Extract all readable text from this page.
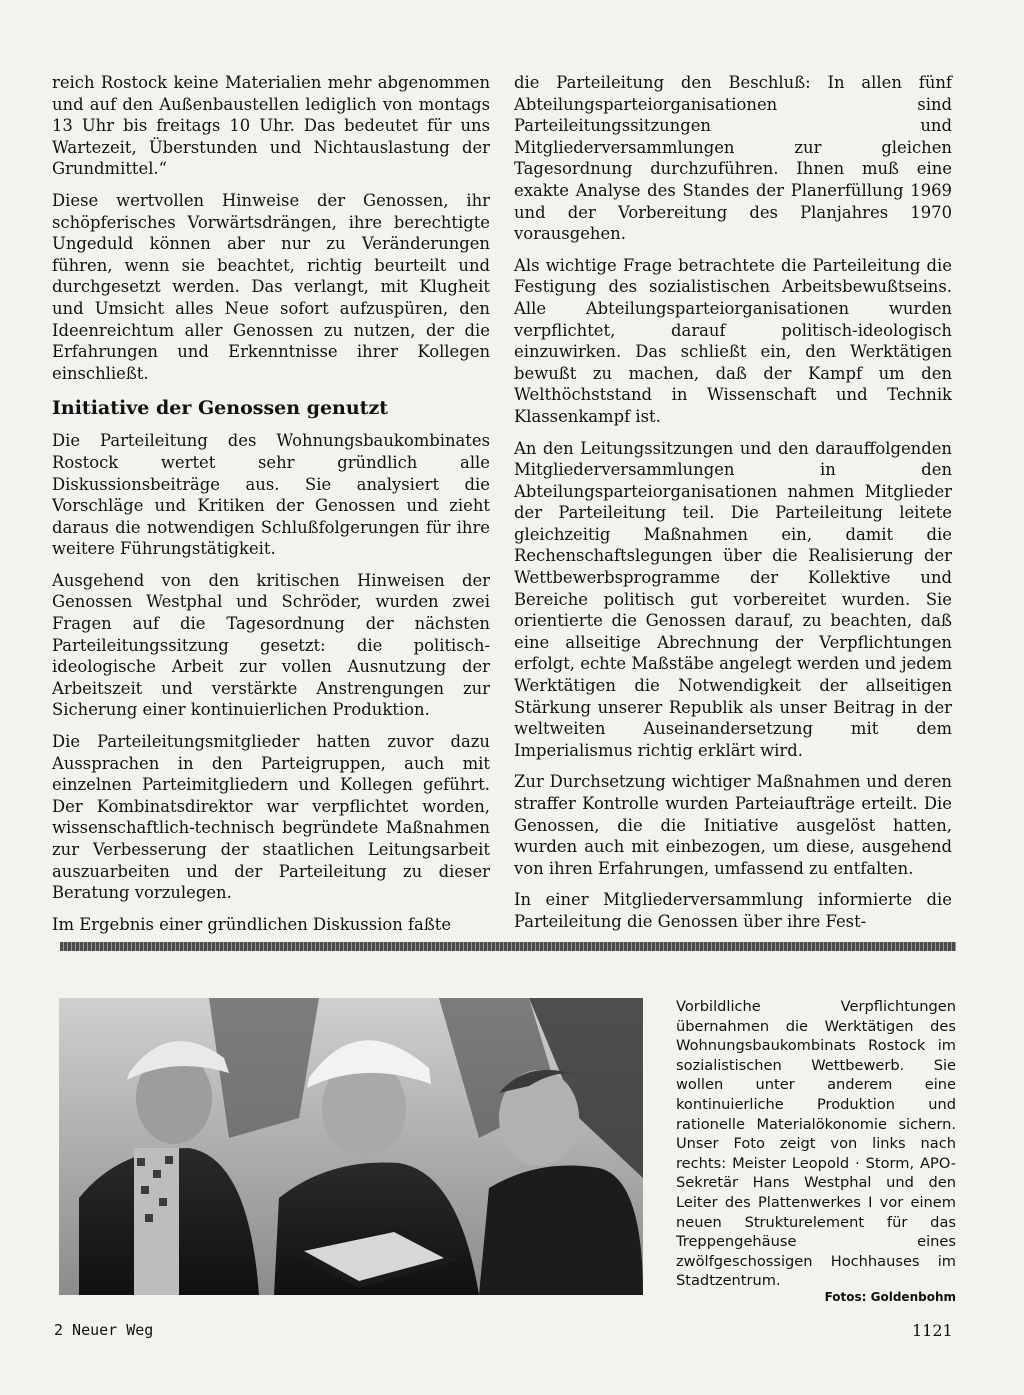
reich Rostock keine Materialien mehr abgenommen und auf den Außenbaustellen lediglich von montags 13 Uhr bis freitags 10 Uhr. Das bedeutet für uns Wartezeit, Überstunden und Nichtauslastung der Grundmittel.“

Diese wertvollen Hinweise der Genossen, ihr schöpferisches Vorwärtsdrängen, ihre berechtigte Ungeduld können aber nur zu Veränderungen führen, wenn sie beachtet, richtig beurteilt und durchgesetzt werden. Das verlangt, mit Klugheit und Umsicht alles Neue sofort aufzuspüren, den Ideenreichtum aller Genossen zu nutzen, der die Erfahrungen und Erkenntnisse ihrer Kollegen einschließt.

Initiative der Genossen genutzt

Die Parteileitung des Wohnungsbaukombinates Rostock wertet sehr gründlich alle Diskussionsbeiträge aus. Sie analysiert die Vorschläge und Kritiken der Genossen und zieht daraus die notwendigen Schlußfolgerungen für ihre weitere Führungstätigkeit.

Ausgehend von den kritischen Hinweisen der Genossen Westphal und Schröder, wurden zwei Fragen auf die Tagesordnung der nächsten Parteileitungssitzung gesetzt: die politisch-ideologische Arbeit zur vollen Ausnutzung der Arbeitszeit und verstärkte Anstrengungen zur Sicherung einer kontinuierlichen Produktion.

Die Parteileitungsmitglieder hatten zuvor dazu Aussprachen in den Parteigruppen, auch mit einzelnen Parteimitgliedern und Kollegen geführt. Der Kombinatsdirektor war verpflichtet worden, wissenschaftlich-technisch begründete Maßnahmen zur Verbesserung der staatlichen Leitungsarbeit auszuarbeiten und der Parteileitung zu dieser Beratung vorzulegen.

Im Ergebnis einer gründlichen Diskussion faßte

die Parteileitung den Beschluß: In allen fünf Abteilungsparteiorganisationen sind Parteileitungssitzungen und Mitgliederversammlungen zur gleichen Tagesordnung durchzuführen. Ihnen muß eine exakte Analyse des Standes der Planerfüllung 1969 und der Vorbereitung des Planjahres 1970 vorausgehen.

Als wichtige Frage betrachtete die Parteileitung die Festigung des sozialistischen Arbeitsbewußtseins. Alle Abteilungsparteiorganisationen wurden verpflichtet, darauf politisch-ideologisch einzuwirken. Das schließt ein, den Werktätigen bewußt zu machen, daß der Kampf um den Welthöchststand in Wissenschaft und Technik Klassenkampf ist.

An den Leitungssitzungen und den darauffolgenden Mitgliederversammlungen in den Abteilungsparteiorganisationen nahmen Mitglieder der Parteileitung teil. Die Parteileitung leitete gleichzeitig Maßnahmen ein, damit die Rechenschaftslegungen über die Realisierung der Wettbewerbsprogramme der Kollektive und Bereiche politisch gut vorbereitet wurden. Sie orientierte die Genossen darauf, zu beachten, daß eine allseitige Abrechnung der Verpflichtungen erfolgt, echte Maßstäbe angelegt werden und jedem Werktätigen die Notwendigkeit der allseitigen Stärkung unserer Republik als unser Beitrag in der weltweiten Auseinandersetzung mit dem Imperialismus richtig erklärt wird.

Zur Durchsetzung wichtiger Maßnahmen und deren straffer Kontrolle wurden Parteiaufträge erteilt. Die Genossen, die die Initiative ausgelöst hatten, wurden auch mit einbezogen, um diese, ausgehend von ihren Erfahrungen, umfassend zu entfalten.

In einer Mitgliederversammlung informierte die Parteileitung die Genossen über ihre Fest-

Vorbildliche Verpflichtungen übernahmen die Werktätigen des Wohnungsbaukombinats Rostock im sozialistischen Wettbewerb. Sie wollen unter anderem eine kontinuierliche Produktion und rationelle Materialökonomie sichern. Unser Foto zeigt von links nach rechts: Meister Leopold · Storm, APO-Sekretär Hans Westphal und den Leiter des Plattenwerkes I vor einem neuen Strukturelement für das Treppengehäuse eines zwölfgeschossigen Hochhauses im Stadtzentrum.
Fotos: Goldenbohm
2 Neuer Weg	1121
